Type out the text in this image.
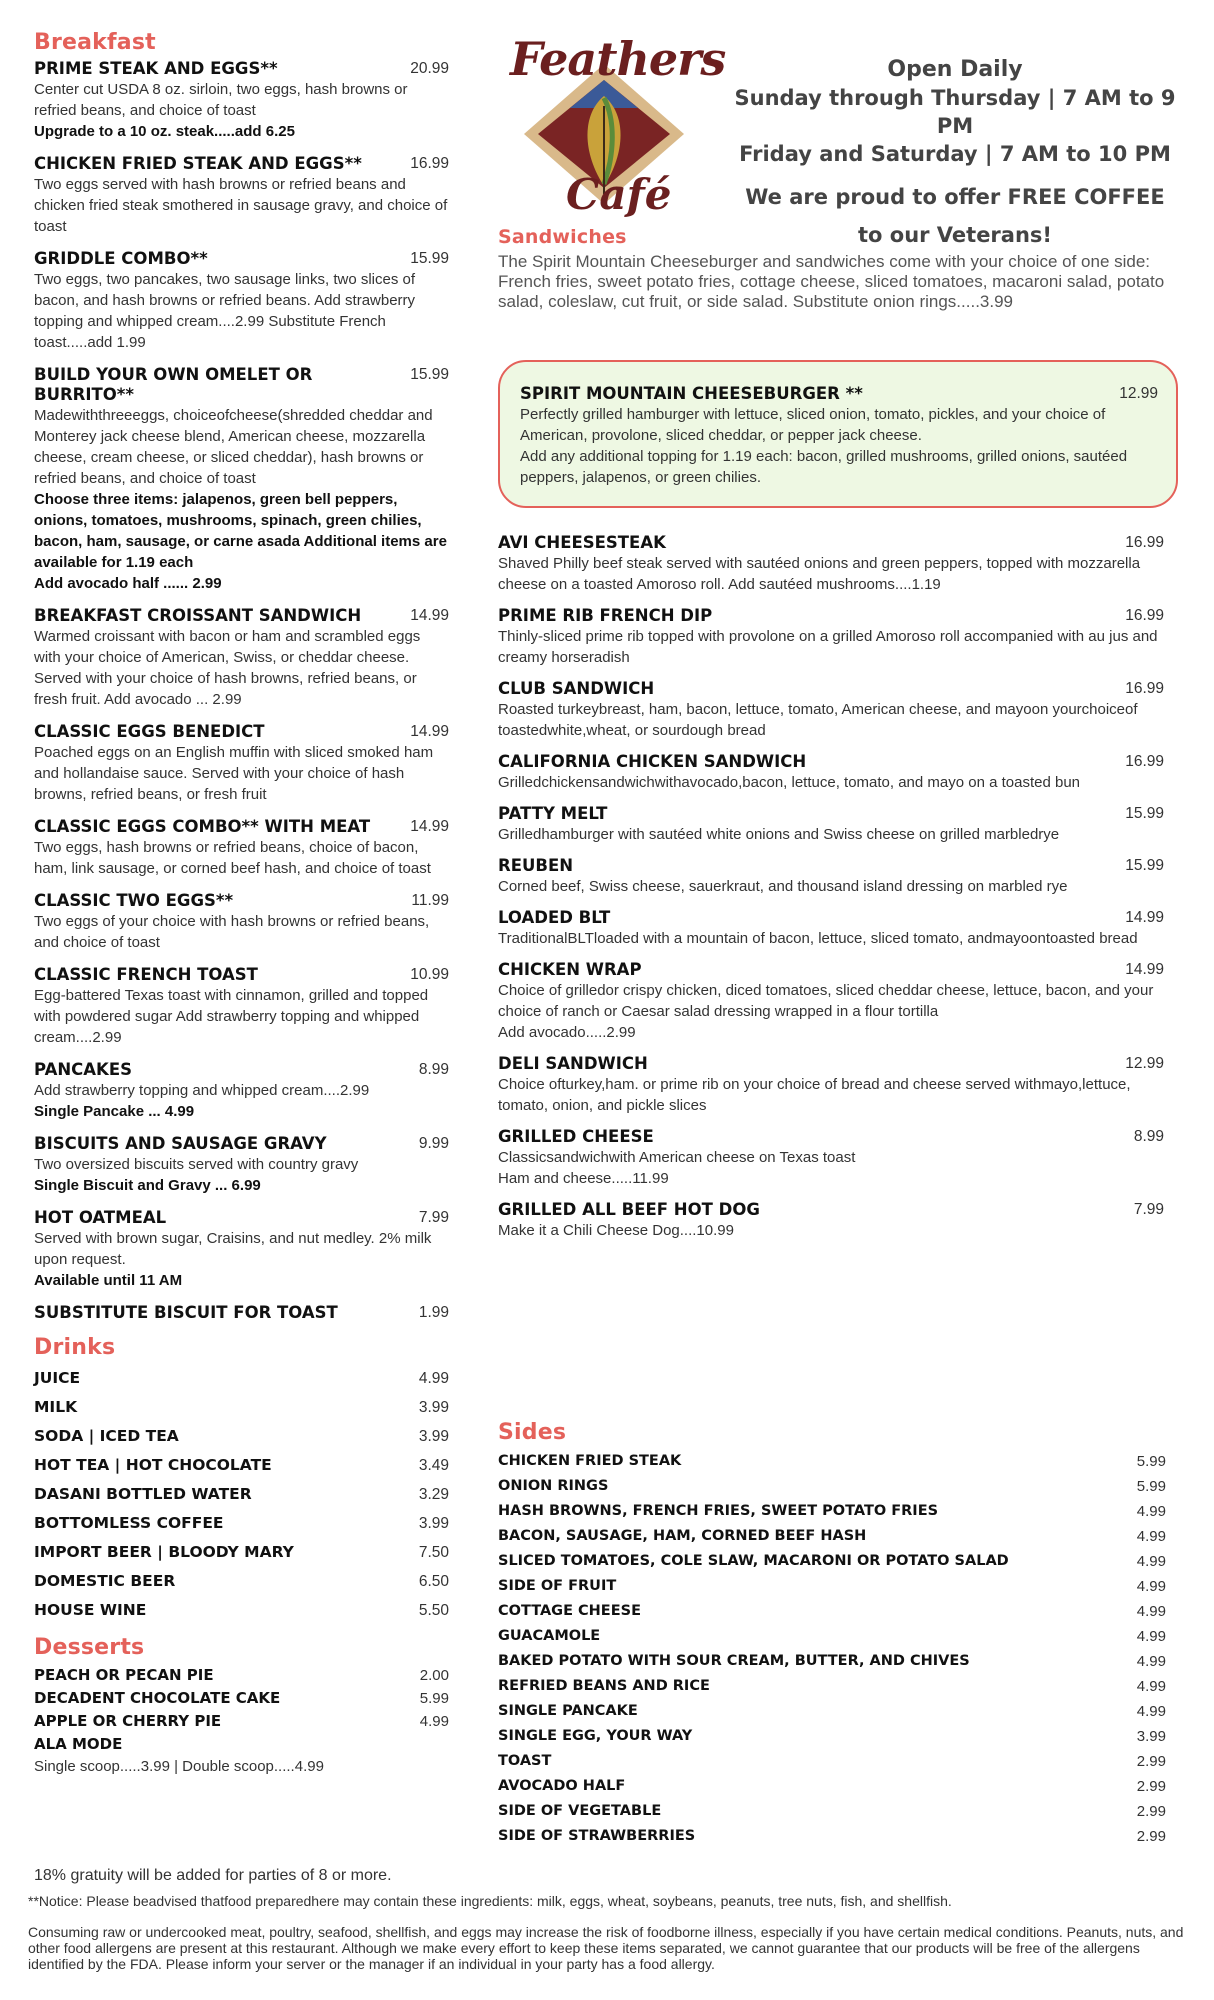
Breakfast
PRIME STEAK AND EGGS**	20.99
Center cut USDA 8 oz. sirloin, two eggs, hash browns or refried beans, and choice of toast
Upgrade to a 10 oz. steak.....add 6.25
CHICKEN FRIED STEAK AND EGGS**	16.99
Two eggs served with hash browns or refried beans and chicken fried steak smothered in sausage gravy, and choice of toast
GRIDDLE COMBO**	15.99
Two eggs, two pancakes, two sausage links, two slices of bacon, and hash browns or refried beans. Add strawberry topping and whipped cream....2.99 Substitute French toast.....add 1.99
BUILD YOUR OWN OMELET OR BURRITO**
15.99
Madewiththreeeggs, choiceofcheese(shredded cheddar and Monterey jack cheese blend, American cheese, mozzarella cheese, cream cheese, or sliced cheddar), hash browns or refried beans, and choice of toast
Choose three items: jalapenos, green bell peppers, onions, tomatoes, mushrooms, spinach, green chilies, bacon, ham, sausage, or carne asada Additional items are available for 1.19 each
Add avocado half ...... 2.99
BREAKFAST CROISSANT SANDWICH	14.99
Warmed croissant with bacon or ham and scrambled eggs with your choice of American, Swiss, or cheddar cheese. Served with your choice of hash browns, refried beans, or fresh fruit. Add avocado ... 2.99
CLASSIC EGGS BENEDICT	14.99
Poached eggs on an English muffin with sliced smoked ham and hollandaise sauce. Served with your choice of hash browns, refried beans, or fresh fruit
CLASSIC EGGS COMBO** WITH MEAT	14.99
Two eggs, hash browns or refried beans, choice of bacon, ham, link sausage, or corned beef hash, and choice of toast
CLASSIC TWO EGGS**	11.99
Two eggs of your choice with hash browns or refried beans, and choice of toast
CLASSIC FRENCH TOAST	10.99
Egg-battered Texas toast with cinnamon, grilled and topped with powdered sugar Add strawberry topping and whipped cream....2.99
PANCAKES	8.99
Add strawberry topping and whipped cream....2.99
Single Pancake ... 4.99
BISCUITS AND SAUSAGE GRAVY	9.99
Two oversized biscuits served with country gravy
Single Biscuit and Gravy ... 6.99
HOT OATMEAL	7.99
Served with brown sugar, Craisins, and nut medley. 2% milk upon request.
Available until 11 AM
SUBSTITUTE BISCUIT FOR TOAST	1.99
Drinks
JUICE	4.99
MILK	3.99
SODA | ICED TEA	3.99
HOT TEA | HOT CHOCOLATE	3.49
DASANI BOTTLED WATER	3.29
BOTTOMLESS COFFEE	3.99
IMPORT BEER | BLOODY MARY	7.50
DOMESTIC BEER	6.50
HOUSE WINE	5.50
Desserts
PEACH OR PECAN PIE	2.00
DECADENT CHOCOLATE CAKE	5.99
APPLE OR CHERRY PIE	4.99
ALA MODE
Single scoop.....3.99 | Double scoop.....4.99
Feathers
Café
Open Daily
Sunday through Thursday | 7 AM to 9 PM
Friday and Saturday | 7 AM to 10 PM
We are proud to offer FREE COFFEE
to our Veterans!
Sandwiches
The Spirit Mountain Cheeseburger and sandwiches come with your choice of one side: French fries, sweet potato fries, cottage cheese, sliced tomatoes, macaroni salad, potato salad, coleslaw, cut fruit, or side salad. Substitute onion rings.....3.99
SPIRIT MOUNTAIN CHEESEBURGER **	12.99
Perfectly grilled hamburger with lettuce, sliced onion, tomato, pickles, and your choice of American, provolone, sliced cheddar, or pepper jack cheese.
Add any additional topping for 1.19 each: bacon, grilled mushrooms, grilled onions, sautéed peppers, jalapenos, or green chilies.
AVI CHEESESTEAK	16.99
Shaved Philly beef steak served with sautéed onions and green peppers, topped with mozzarella cheese on a toasted Amoroso roll. Add sautéed mushrooms....1.19
PRIME RIB FRENCH DIP	16.99
Thinly-sliced prime rib topped with provolone on a grilled Amoroso roll accompanied with au jus and creamy horseradish
CLUB SANDWICH	16.99
Roasted turkeybreast, ham, bacon, lettuce, tomato, American cheese, and mayoon yourchoiceof toastedwhite,wheat, or sourdough bread
CALIFORNIA CHICKEN SANDWICH	16.99
Grilledchickensandwichwithavocado,bacon, lettuce, tomato, and mayo on a toasted bun
PATTY MELT	15.99
Grilledhamburger with sautéed white onions and Swiss cheese on grilled marbledrye
REUBEN	15.99
Corned beef, Swiss cheese, sauerkraut, and thousand island dressing on marbled rye
LOADED BLT	14.99
TraditionalBLTloaded with a mountain of bacon, lettuce, sliced tomato, andmayoontoasted bread
CHICKEN WRAP	14.99
Choice of grilledor crispy chicken, diced tomatoes, sliced cheddar cheese, lettuce, bacon, and your choice of ranch or Caesar salad dressing wrapped in a flour tortilla
Add avocado.....2.99
DELI SANDWICH	12.99
Choice ofturkey,ham. or prime rib on your choice of bread and cheese served withmayo,lettuce, tomato, onion, and pickle slices
GRILLED CHEESE	8.99
Classicsandwichwith American cheese on Texas toast
Ham and cheese.....11.99
GRILLED ALL BEEF HOT DOG	7.99
Make it a Chili Cheese Dog....10.99
Sides
CHICKEN FRIED STEAK	5.99
ONION RINGS	5.99
HASH BROWNS, FRENCH FRIES, SWEET POTATO FRIES	4.99
BACON, SAUSAGE, HAM, CORNED BEEF HASH	4.99
SLICED TOMATOES, COLE SLAW, MACARONI OR POTATO SALAD	4.99
SIDE OF FRUIT	4.99
COTTAGE CHEESE	4.99
GUACAMOLE	4.99
BAKED POTATO WITH SOUR CREAM, BUTTER, AND CHIVES	4.99
REFRIED BEANS AND RICE	4.99
SINGLE PANCAKE	4.99
SINGLE EGG, YOUR WAY	3.99
TOAST	2.99
AVOCADO HALF	2.99
SIDE OF VEGETABLE	2.99
SIDE OF STRAWBERRIES	2.99
18% gratuity will be added for parties of 8 or more.
**Notice: Please beadvised thatfood preparedhere may contain these ingredients: milk, eggs, wheat, soybeans, peanuts, tree nuts, fish, and shellfish.
Consuming raw or undercooked meat, poultry, seafood, shellfish, and eggs may increase the risk of foodborne illness, especially if you have certain medical conditions. Peanuts, nuts, and other food allergens are present at this restaurant. Although we make every effort to keep these items separated, we cannot guarantee that our products will be free of the allergens identified by the FDA. Please inform your server or the manager if an individual in your party has a food allergy.
